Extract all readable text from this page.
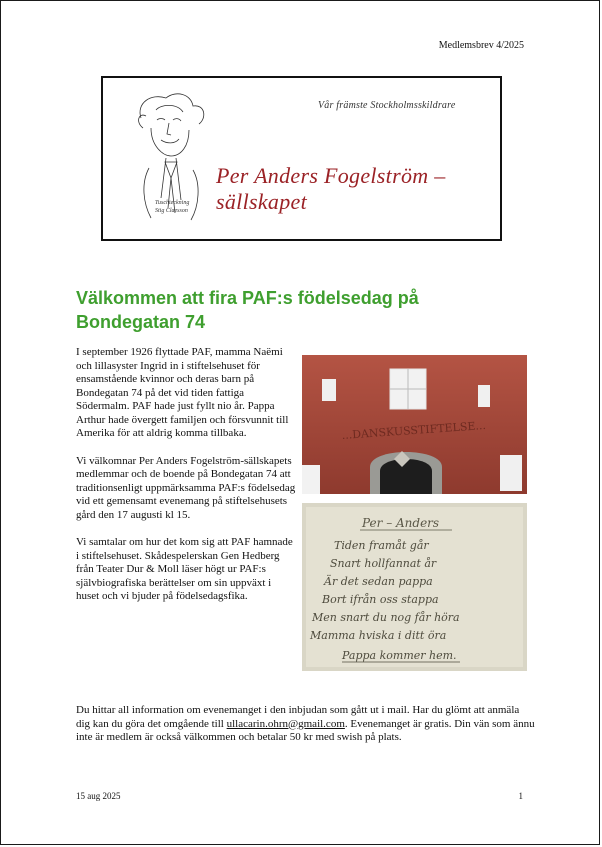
Medlemsbrev 4/2025
Vår främste Stockholmsskildrare
Per Anders Fogelström – sällskapet
Tuschteckning
Stig Claesson
Välkommen att fira PAF:s födelsedag på Bondegatan 74

I september 1926 flyttade PAF, mamma Naëmi och lillasyster Ingrid in i stiftelsehuset för ensamstående kvinnor och deras barn på Bondegatan 74 på det vid tiden fattiga Södermalm. PAF hade just fyllt nio år. Pappa Arthur hade övergett familjen och försvunnit till Amerika för att aldrig komma tillbaka.

Vi välkomnar Per Anders Fogelström-sällskapets medlemmar och de boende på Bondegatan 74 att traditionsenligt uppmärksamma PAF:s födelsedag vid ett gemensamt evenemang på stiftelsehusets gård den 17 augusti kl 15.

Vi samtalar om hur det kom sig att PAF hamnade i stiftelsehuset. Skådespelerskan Gen Hedberg från Teater Dur & Moll läser högt ur PAF:s självbiografiska berättelser om sin uppväxt i huset och vi bjuder på födelsedagsfika.

...DANSKUSSTIFTELSE...
Per – Anders
Tiden framåt går
Snart hollfannat år
Är det sedan pappa
Bort ifrån oss stappa
Men snart du nog får höra
Mamma hviska i ditt öra
Pappa kommer hem.
Du hittar all information om evenemanget i den inbjudan som gått ut i mail. Har du glömt att anmäla dig kan du göra det omgående till ullacarin.ohrn@gmail.com. Evenemanget är gratis. Din vän som ännu inte är medlem är också välkommen och betalar 50 kr med swish på plats.
15 aug 2025	1
